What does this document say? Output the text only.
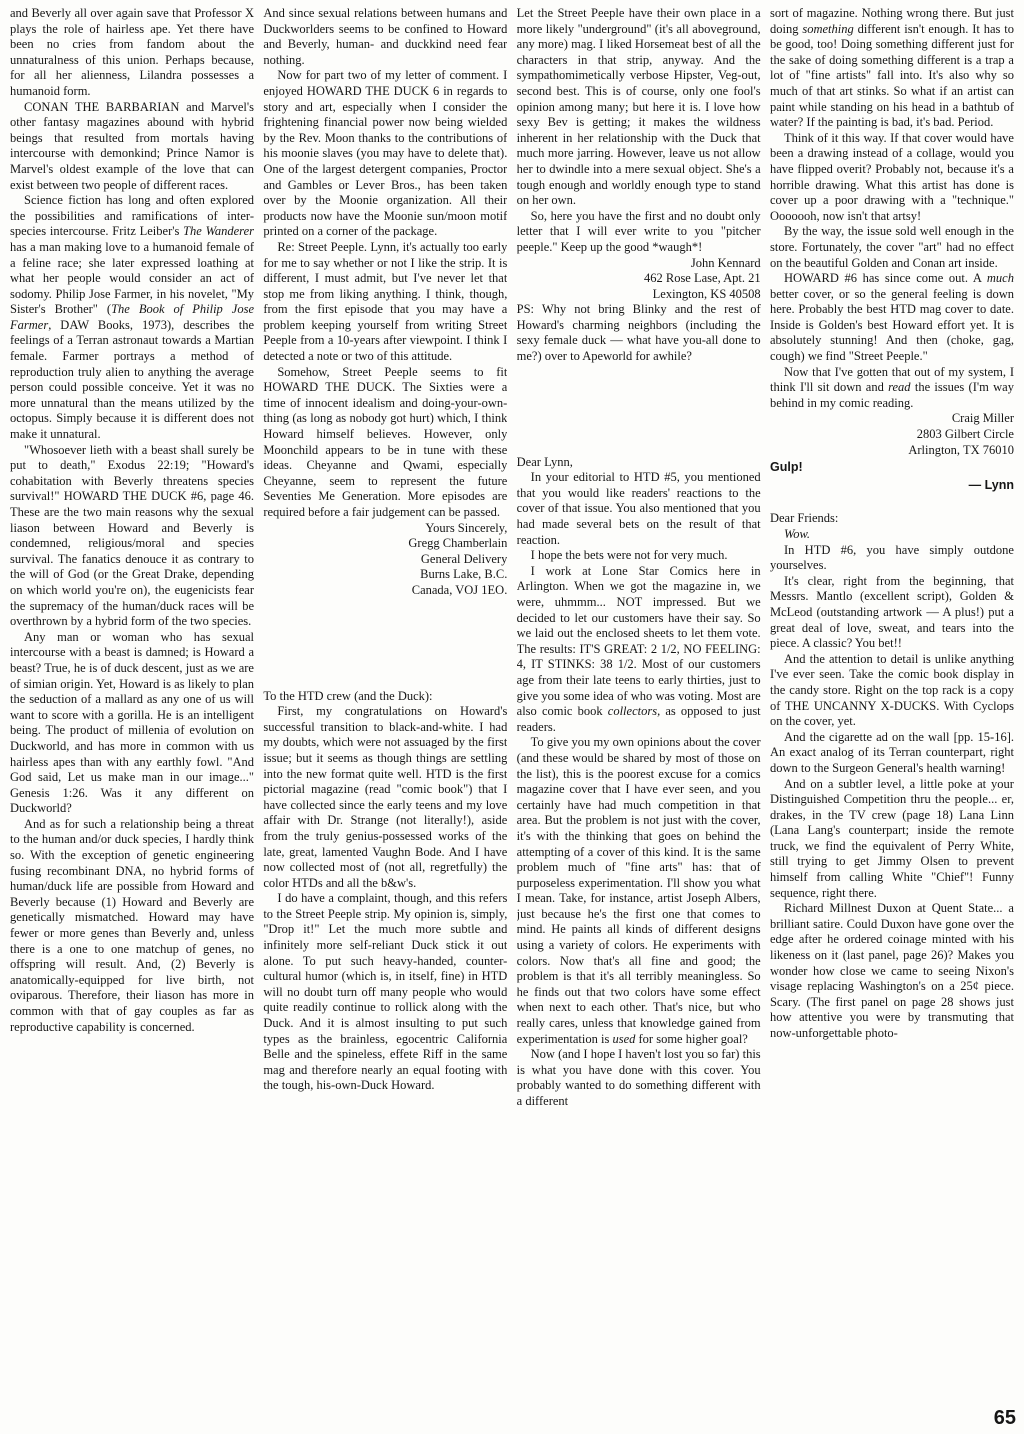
and Beverly all over again save that Professor X plays the role of hairless ape. Yet there have been no cries from fandom about the unnaturalness of this union. Perhaps because, for all her alienness, Lilandra possesses a humanoid form.

CONAN THE BARBARIAN and Marvel's other fantasy magazines abound with hybrid beings that resulted from mortals having intercourse with demonkind; Prince Namor is Marvel's oldest example of the love that can exist between two people of different races.

Science fiction has long and often explored the possibilities and ramifications of inter-species intercourse. Fritz Leiber's The Wanderer has a man making love to a humanoid female of a feline race; she later expressed loathing at what her people would consider an act of sodomy. Philip Jose Farmer, in his novelet, "My Sister's Brother" (The Book of Philip Jose Farmer, DAW Books, 1973), describes the feelings of a Terran astronaut towards a Martian female. Farmer portrays a method of reproduction truly alien to anything the average person could possible conceive. Yet it was no more unnatural than the means utilized by the octopus. Simply because it is different does not make it unnatural.

"Whosoever lieth with a beast shall surely be put to death," Exodus 22:19; "Howard's cohabitation with Beverly threatens species survival!" HOWARD THE DUCK #6, page 46. These are the two main reasons why the sexual liason between Howard and Beverly is condemned, religious/moral and species survival. The fanatics denouce it as contrary to the will of God (or the Great Drake, depending on which world you're on), the eugenicists fear the supremacy of the human/duck races will be overthrown by a hybrid form of the two species.

Any man or woman who has sexual intercourse with a beast is damned; is Howard a beast? True, he is of duck descent, just as we are of simian origin. Yet, Howard is as likely to plan the seduction of a mallard as any one of us will want to score with a gorilla. He is an intelligent being. The product of millenia of evolution on Duckworld, and has more in common with us hairless apes than with any earthly fowl. "And God said, Let us make man in our image..." Genesis 1:26. Was it any different on Duckworld?

And as for such a relationship being a threat to the human and/or duck species, I hardly think so. With the exception of genetic engineering fusing recombinant DNA, no hybrid forms of human/duck life are possible from Howard and Beverly because (1) Howard and Beverly are genetically mismatched. Howard may have fewer or more genes than Beverly and, unless there is a one to one matchup of genes, no offspring will result. And, (2) Beverly is anatomically-equipped for live birth, not oviparous. Therefore, their liason has more in common with that of gay couples as far as reproductive capability is concerned.

And since sexual relations between humans and Duckworlders seems to be confined to Howard and Beverly, human- and duckkind need fear nothing.

Now for part two of my letter of comment. I enjoyed HOWARD THE DUCK 6 in regards to story and art, especially when I consider the frightening financial power now being wielded by the Rev. Moon thanks to the contributions of his moonie slaves (you may have to delete that). One of the largest detergent companies, Proctor and Gambles or Lever Bros., has been taken over by the Moonie organization. All their products now have the Moonie sun/moon motif printed on a corner of the package.

Re: Street Peeple. Lynn, it's actually too early for me to say whether or not I like the strip. It is different, I must admit, but I've never let that stop me from liking anything. I think, though, from the first episode that you may have a problem keeping yourself from writing Street Peeple from a 10-years after viewpoint. I think I detected a note or two of this attitude.

Somehow, Street Peeple seems to fit HOWARD THE DUCK. The Sixties were a time of innocent idealism and doing-your-own-thing (as long as nobody got hurt) which, I think Howard himself believes. However, only Moonchild appears to be in tune with these ideas. Cheyanne and Qwami, especially Cheyanne, seem to represent the future Seventies Me Generation. More episodes are required before a fair judgement can be passed.

Yours Sincerely,
Gregg Chamberlain
General Delivery
Burns Lake, B.C.
Canada, VOJ 1EO.

To the HTD crew (and the Duck):

First, my congratulations on Howard's successful transition to black-and-white. I had my doubts, which were not assuaged by the first issue; but it seems as though things are settling into the new format quite well. HTD is the first pictorial magazine (read "comic book") that I have collected since the early teens and my love affair with Dr. Strange (not literally!), aside from the truly genius-possessed works of the late, great, lamented Vaughn Bode. And I have now collected most of (not all, regretfully) the color HTDs and all the b&w's.

I do have a complaint, though, and this refers to the Street Peeple strip. My opinion is, simply, "Drop it!" Let the much more subtle and infinitely more self-reliant Duck stick it out alone. To put such heavy-handed, counter-cultural humor (which is, in itself, fine) in HTD will no doubt turn off many people who would quite readily continue to rollick along with the Duck. And it is almost insulting to put such types as the brainless, egocentric California Belle and the spineless, effete Riff in the same mag and therefore nearly an equal footing with the tough, his-own-Duck Howard.

Let the Street Peeple have their own place in a more likely "underground" (it's all aboveground, any more) mag. I liked Horsemeat best of all the characters in that strip, anyway. And the sympathomimetically verbose Hipster, Veg-out, second best. This is of course, only one fool's opinion among many; but here it is. I love how sexy Bev is getting; it makes the wildness inherent in her relationship with the Duck that much more jarring. However, leave us not allow her to dwindle into a mere sexual object. She's a tough enough and worldly enough type to stand on her own.

So, here you have the first and no doubt only letter that I will ever write to you "pitcher peeple." Keep up the good *waugh*!

John Kennard
462 Rose Lase, Apt. 21
Lexington, KS 40508

PS: Why not bring Blinky and the rest of Howard's charming neighbors (including the sexy female duck — what have you-all done to me?) over to Apeworld for awhile?

Dear Lynn,

In your editorial to HTD #5, you mentioned that you would like readers' reactions to the cover of that issue. You also mentioned that you had made several bets on the result of that reaction.

I hope the bets were not for very much.

I work at Lone Star Comics here in Arlington. When we got the magazine in, we were, uhmmm... NOT impressed. But we decided to let our customers have their say. So we laid out the enclosed sheets to let them vote. The results: IT'S GREAT: 2 1/2, NO FEELING: 4, IT STINKS: 38 1/2. Most of our customers age from their late teens to early thirties, just to give you some idea of who was voting. Most are also comic book collectors, as opposed to just readers.

To give you my own opinions about the cover (and these would be shared by most of those on the list), this is the poorest excuse for a comics magazine cover that I have ever seen, and you certainly have had much competition in that area. But the problem is not just with the cover, it's with the thinking that goes on behind the attempting of a cover of this kind. It is the same problem much of "fine arts" has: that of purposeless experimentation. I'll show you what I mean. Take, for instance, artist Joseph Albers, just because he's the first one that comes to mind. He paints all kinds of different designs using a variety of colors. He experiments with colors. Now that's all fine and good; the problem is that it's all terribly meaningless. So he finds out that two colors have some effect when next to each other. That's nice, but who really cares, unless that knowledge gained from experimentation is used for some higher goal?

Now (and I hope I haven't lost you so far) this is what you have done with this cover. You probably wanted to do something different with a different

sort of magazine. Nothing wrong there. But just doing something different isn't enough. It has to be good, too! Doing something different just for the sake of doing something different is a trap a lot of "fine artists" fall into. It's also why so much of that art stinks. So what if an artist can paint while standing on his head in a bathtub of water? If the painting is bad, it's bad. Period.

Think of it this way. If that cover would have been a drawing instead of a collage, would you have flipped overit? Probably not, because it's a horrible drawing. What this artist has done is cover up a poor drawing with a "technique." Ooooooh, now isn't that artsy!

By the way, the issue sold well enough in the store. Fortunately, the cover "art" had no effect on the beautiful Golden and Conan art inside.

HOWARD #6 has since come out. A much better cover, or so the general feeling is down here. Probably the best HTD mag cover to date. Inside is Golden's best Howard effort yet. It is absolutely stunning! And then (choke, gag, cough) we find "Street Peeple."

Now that I've gotten that out of my system, I think I'll sit down and read the issues (I'm way behind in my comic reading.

Craig Miller
2803 Gilbert Circle
Arlington, TX 76010
Gulp!
— Lynn

Dear Friends:

Wow.

In HTD #6, you have simply outdone yourselves.

It's clear, right from the beginning, that Messrs. Mantlo (excellent script), Golden & McLeod (outstanding artwork — A plus!) put a great deal of love, sweat, and tears into the piece. A classic? You bet!!

And the attention to detail is unlike anything I've ever seen. Take the comic book display in the candy store. Right on the top rack is a copy of THE UNCANNY X-DUCKS. With Cyclops on the cover, yet.

And the cigarette ad on the wall [pp. 15-16]. An exact analog of its Terran counterpart, right down to the Surgeon General's health warning!

And on a subtler level, a little poke at your Distinguished Competition thru the people... er, drakes, in the TV crew (page 18) Lana Linn (Lana Lang's counterpart; inside the remote truck, we find the equivalent of Perry White, still trying to get Jimmy Olsen to prevent himself from calling White "Chief"! Funny sequence, right there.

Richard Millnest Duxon at Quent State... a brilliant satire. Could Duxon have gone over the edge after he ordered coinage minted with his likeness on it (last panel, page 26)? Makes you wonder how close we came to seeing Nixon's visage replacing Washington's on a 25¢ piece. Scary. (The first panel on page 28 shows just how attentive you were by transmuting that now-unforgettable photo-

65
